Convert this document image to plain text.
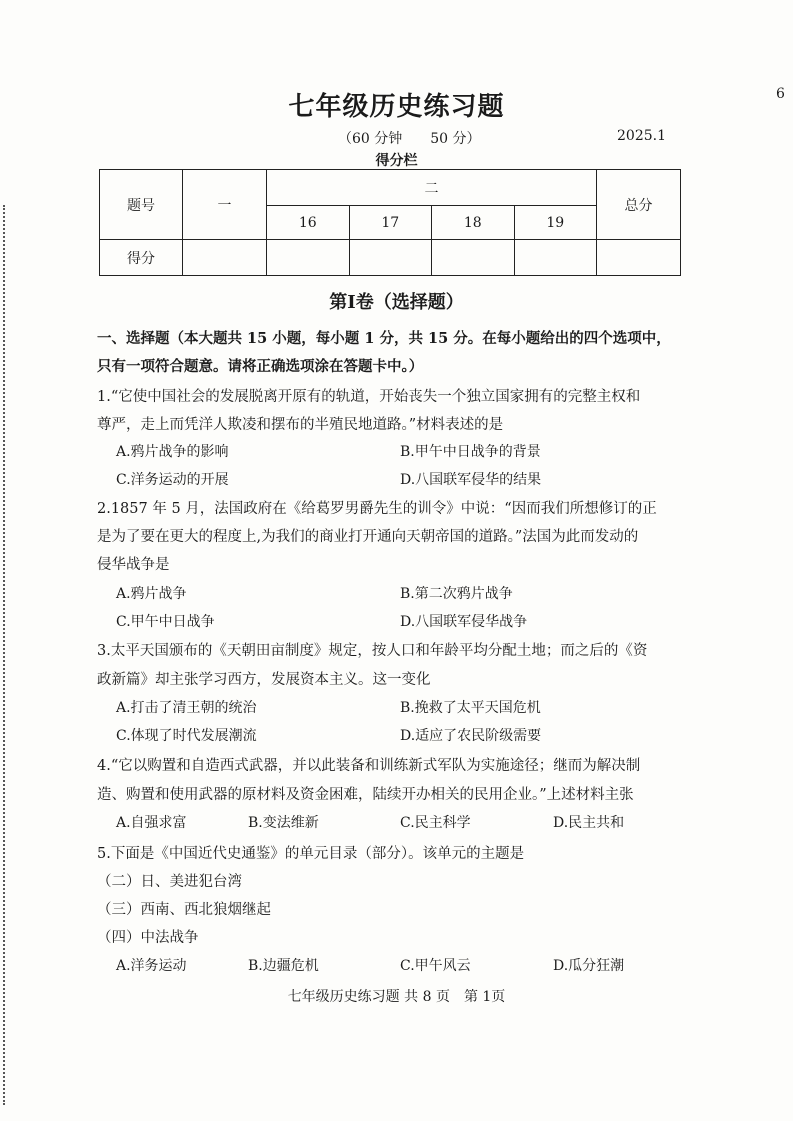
6
七年级历史练习题
（60 分钟　　50 分）	2025.1
得分栏
题号	一	二				总分
		16	17	18	19	
得分						
第Ⅰ卷（选择题）
一、选择题（本大题共 15 小题，每小题 1 分，共 15 分。在每小题给出的四个选项中，
只有一项符合题意。请将正确选项涂在答题卡中。）
1.“它使中国社会的发展脱离开原有的轨道，开始丧失一个独立国家拥有的完整主权和
尊严，走上而凭洋人欺凌和摆布的半殖民地道路。”材料表述的是
A.鸦片战争的影响	B.甲午中日战争的背景
C.洋务运动的开展	D.八国联军侵华的结果
2.1857 年 5 月，法国政府在《给葛罗男爵先生的训令》中说：“因而我们所想修订的正
是为了要在更大的程度上,为我们的商业打开通向天朝帝国的道路。”法国为此而发动的
侵华战争是
A.鸦片战争	B.第二次鸦片战争
C.甲午中日战争	D.八国联军侵华战争
3.太平天国颁布的《天朝田亩制度》规定，按人口和年龄平均分配土地；而之后的《资
政新篇》却主张学习西方，发展资本主义。这一变化
A.打击了清王朝的统治	B.挽救了太平天国危机
C.体现了时代发展潮流	D.适应了农民阶级需要
4.“它以购置和自造西式武器，并以此装备和训练新式军队为实施途径；继而为解决制
造、购置和使用武器的原材料及资金困难，陆续开办相关的民用企业。”上述材料主张
A.自强求富	B.变法维新	C.民主科学	D.民主共和
5.下面是《中国近代史通鉴》的单元目录（部分）。该单元的主题是
（二）日、美进犯台湾
（三）西南、西北狼烟继起
（四）中法战争
A.洋务运动	B.边疆危机	C.甲午风云	D.瓜分狂潮
七年级历史练习题 共 8 页　第 1页
